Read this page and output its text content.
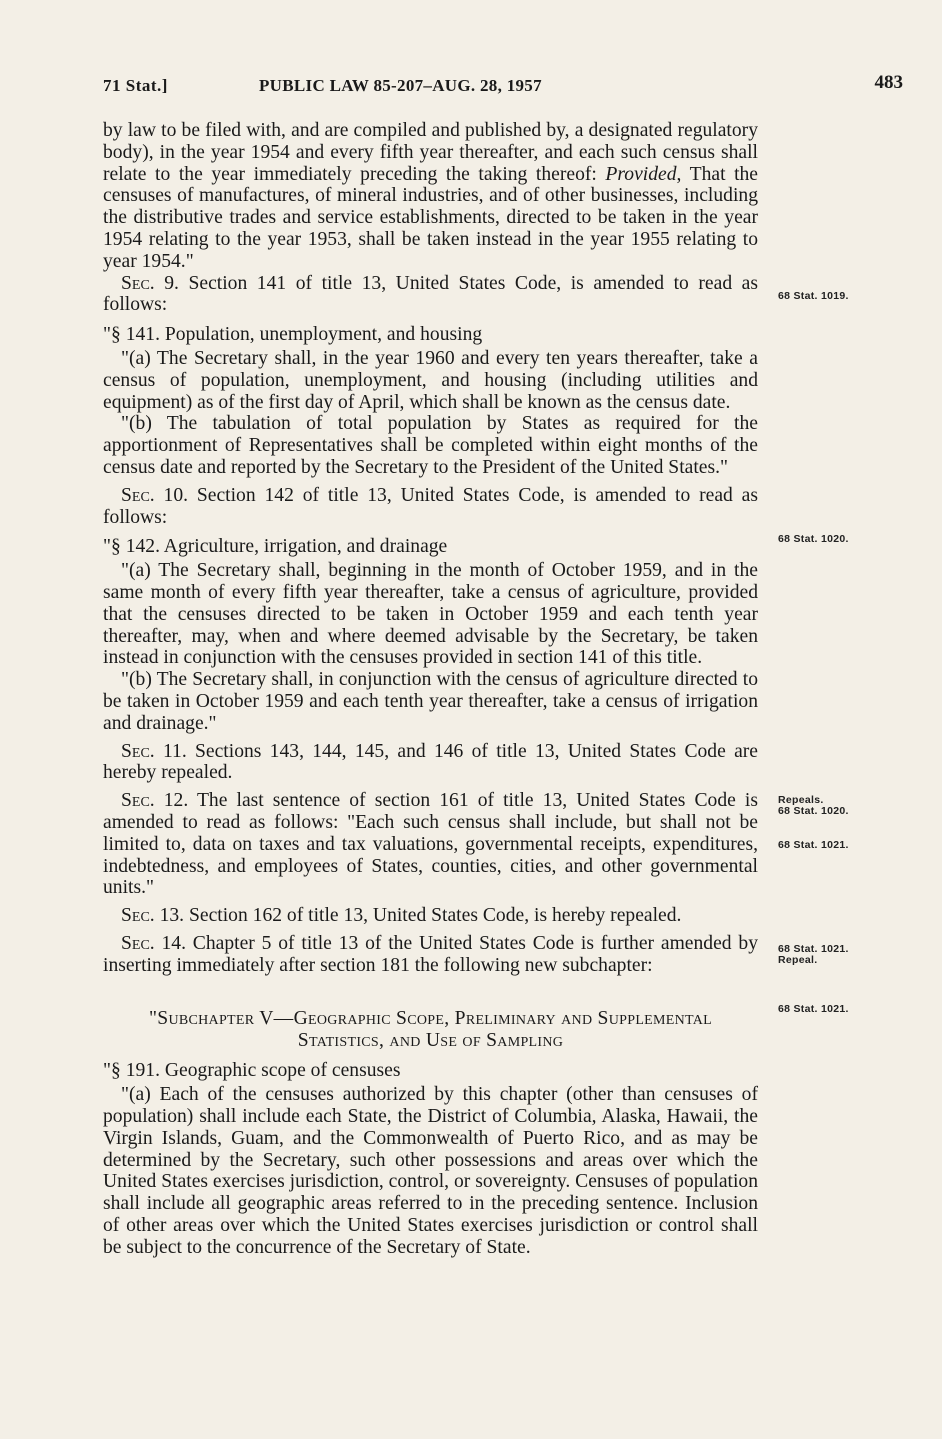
71 Stat.]	PUBLIC LAW 85-207–AUG. 28, 1957	483

by law to be filed with, and are compiled and published by, a designated regulatory body), in the year 1954 and every fifth year thereafter, and each such census shall relate to the year immediately preceding the taking thereof: Provided, That the censuses of manufactures, of mineral industries, and of other businesses, including the distributive trades and service establishments, directed to be taken in the year 1954 relating to the year 1953, shall be taken instead in the year 1955 relating to year 1954."

Sec. 9. Section 141 of title 13, United States Code, is amended to read as follows:

"§ 141. Population, unemployment, and housing

"(a) The Secretary shall, in the year 1960 and every ten years thereafter, take a census of population, unemployment, and housing (including utilities and equipment) as of the first day of April, which shall be known as the census date.

"(b) The tabulation of total population by States as required for the apportionment of Representatives shall be completed within eight months of the census date and reported by the Secretary to the President of the United States."

Sec. 10. Section 142 of title 13, United States Code, is amended to read as follows:

"§ 142. Agriculture, irrigation, and drainage

"(a) The Secretary shall, beginning in the month of October 1959, and in the same month of every fifth year thereafter, take a census of agriculture, provided that the censuses directed to be taken in October 1959 and each tenth year thereafter, may, when and where deemed advisable by the Secretary, be taken instead in conjunction with the censuses provided in section 141 of this title.

"(b) The Secretary shall, in conjunction with the census of agriculture directed to be taken in October 1959 and each tenth year thereafter, take a census of irrigation and drainage."

Sec. 11. Sections 143, 144, 145, and 146 of title 13, United States Code are hereby repealed.

Sec. 12. The last sentence of section 161 of title 13, United States Code is amended to read as follows: "Each such census shall include, but shall not be limited to, data on taxes and tax valuations, governmental receipts, expenditures, indebtedness, and employees of States, counties, cities, and other governmental units."

Sec. 13. Section 162 of title 13, United States Code, is hereby repealed.

Sec. 14. Chapter 5 of title 13 of the United States Code is further amended by inserting immediately after section 181 the following new subchapter:

"Subchapter V—Geographic Scope, Preliminary and Supplemental
Statistics, and Use of Sampling

"§ 191. Geographic scope of censuses

"(a) Each of the censuses authorized by this chapter (other than censuses of population) shall include each State, the District of Columbia, Alaska, Hawaii, the Virgin Islands, Guam, and the Commonwealth of Puerto Rico, and as may be determined by the Secretary, such other possessions and areas over which the United States exercises jurisdiction, control, or sovereignty. Censuses of population shall include all geographic areas referred to in the preceding sentence. Inclusion of other areas over which the United States exercises jurisdiction or control shall be subject to the concurrence of the Secretary of State.

68 Stat. 1019.
68 Stat. 1020.
Repeals.
68 Stat. 1020.
68 Stat. 1021.
68 Stat. 1021.
Repeal.
68 Stat. 1021.
